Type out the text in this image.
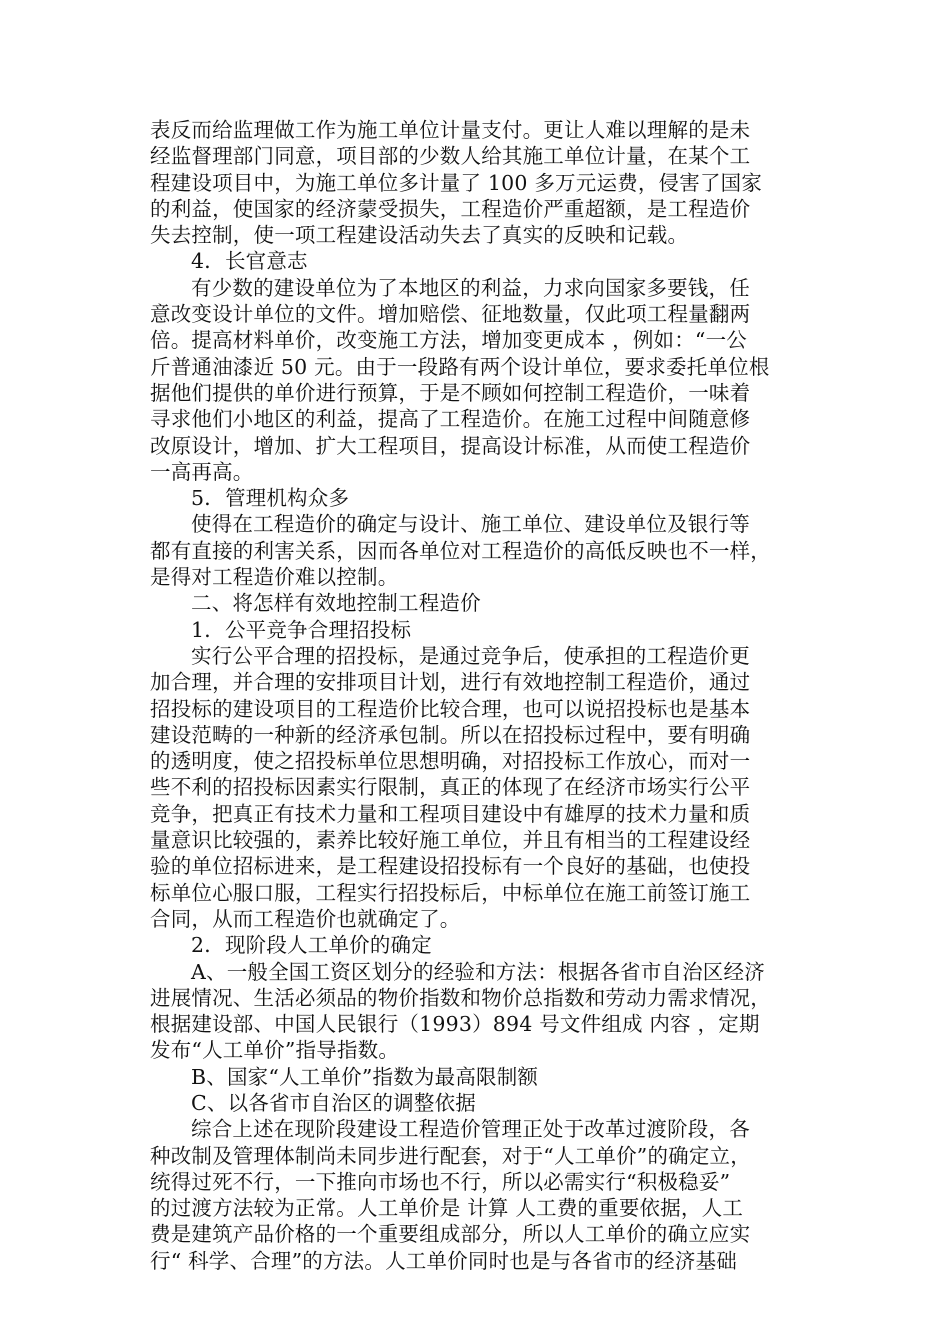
表反而给监理做工作为施工单位计量支付。更让人难以理解的是未
经监督理部门同意，项目部的少数人给其施工单位计量，在某个工
程建设项目中，为施工单位多计量了 100 多万元运费，侵害了国家
的利益，使国家的经济蒙受损失，工程造价严重超额，是工程造价
失去控制，使一项工程建设活动失去了真实的反映和记载。
4．长官意志
有少数的建设单位为了本地区的利益，力求向国家多要钱，任
意改变设计单位的文件。增加赔偿、征地数量，仅此项工程量翻两
倍。提高材料单价，改变施工方法，增加变更成本 ，例如：“一公
斤普通油漆近 50 元。由于一段路有两个设计单位，要求委托单位根
据他们提供的单价进行预算，于是不顾如何控制工程造价，一味着
寻求他们小地区的利益，提高了工程造价。在施工过程中间随意修
改原设计，增加、扩大工程项目，提高设计标准，从而使工程造价
一高再高。
5．管理机构众多
使得在工程造价的确定与设计、施工单位、建设单位及银行等
都有直接的利害关系，因而各单位对工程造价的高低反映也不一样，
是得对工程造价难以控制。
二、将怎样有效地控制工程造价
1．公平竞争合理招投标
实行公平合理的招投标，是通过竞争后，使承担的工程造价更
加合理，并合理的安排项目计划，进行有效地控制工程造价，通过
招投标的建设项目的工程造价比较合理，也可以说招投标也是基本
建设范畴的一种新的经济承包制。所以在招投标过程中，要有明确
的透明度，使之招投标单位思想明确，对招投标工作放心，而对一
些不利的招投标因素实行限制，真正的体现了在经济市场实行公平
竞争，把真正有技术力量和工程项目建设中有雄厚的技术力量和质
量意识比较强的，素养比较好施工单位，并且有相当的工程建设经
验的单位招标进来，是工程建设招投标有一个良好的基础，也使投
标单位心服口服，工程实行招投标后，中标单位在施工前签订施工
合同，从而工程造价也就确定了。
2．现阶段人工单价的确定
A、一般全国工资区划分的经验和方法：根据各省市自治区经济
进展情况、生活必须品的物价指数和物价总指数和劳动力需求情况，
根据建设部、中国人民银行（1993）894 号文件组成 内容 ，定期
发布“人工单价”指导指数。
B、国家“人工单价”指数为最高限制额
C、以各省市自治区的调整依据
综合上述在现阶段建设工程造价管理正处于改革过渡阶段，各
种改制及管理体制尚未同步进行配套，对于“人工单价”的确定立，
统得过死不行，一下推向市场也不行，所以必需实行“积极稳妥”
的过渡方法较为正常。人工单价是 计算 人工费的重要依据，人工
费是建筑产品价格的一个重要组成部分，所以人工单价的确立应实
行“ 科学、合理”的方法。人工单价同时也是与各省市的经济基础
